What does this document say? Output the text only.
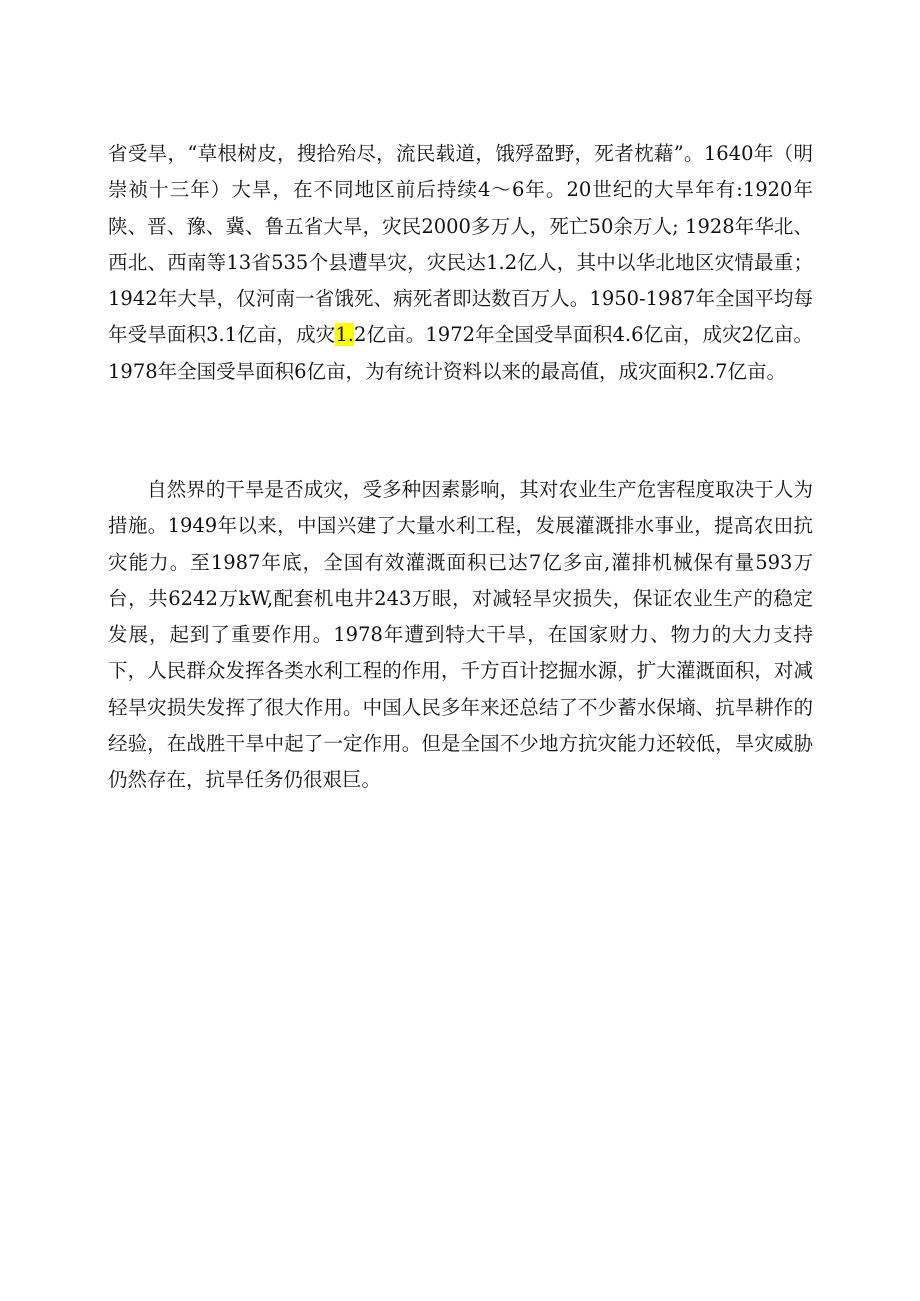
省受旱，“草根树皮，搜拾殆尽，流民载道，饿殍盈野，死者枕藉”。1640年（明崇祯十三年）大旱，在不同地区前后持续4～6年。20世纪的大旱年有:1920年陕、晋、豫、冀、鲁五省大旱，灾民2000多万人，死亡50余万人; 1928年华北、西北、西南等13省535个县遭旱灾，灾民达1.2亿人，其中以华北地区灾情最重；1942年大旱，仅河南一省饿死、病死者即达数百万人。1950-1987年全国平均每年受旱面积3.1亿亩，成灾1.2亿亩。1972年全国受旱面积4.6亿亩，成灾2亿亩。1978年全国受旱面积6亿亩，为有统计资料以来的最高值，成灾面积2.7亿亩。

自然界的干旱是否成灾，受多种因素影响，其对农业生产危害程度取决于人为措施。1949年以来，中国兴建了大量水利工程，发展灌溉排水事业，提高农田抗灾能力。至1987年底，全国有效灌溉面积已达7亿多亩,灌排机械保有量593万台，共6242万kW,配套机电井243万眼，对减轻旱灾损失，保证农业生产的稳定发展，起到了重要作用。1978年遭到特大干旱，在国家财力、物力的大力支持下，人民群众发挥各类水利工程的作用，千方百计挖掘水源，扩大灌溉面积，对减轻旱灾损失发挥了很大作用。中国人民多年来还总结了不少蓄水保墒、抗旱耕作的经验，在战胜干旱中起了一定作用。但是全国不少地方抗灾能力还较低，旱灾威胁仍然存在，抗旱任务仍很艰巨。
